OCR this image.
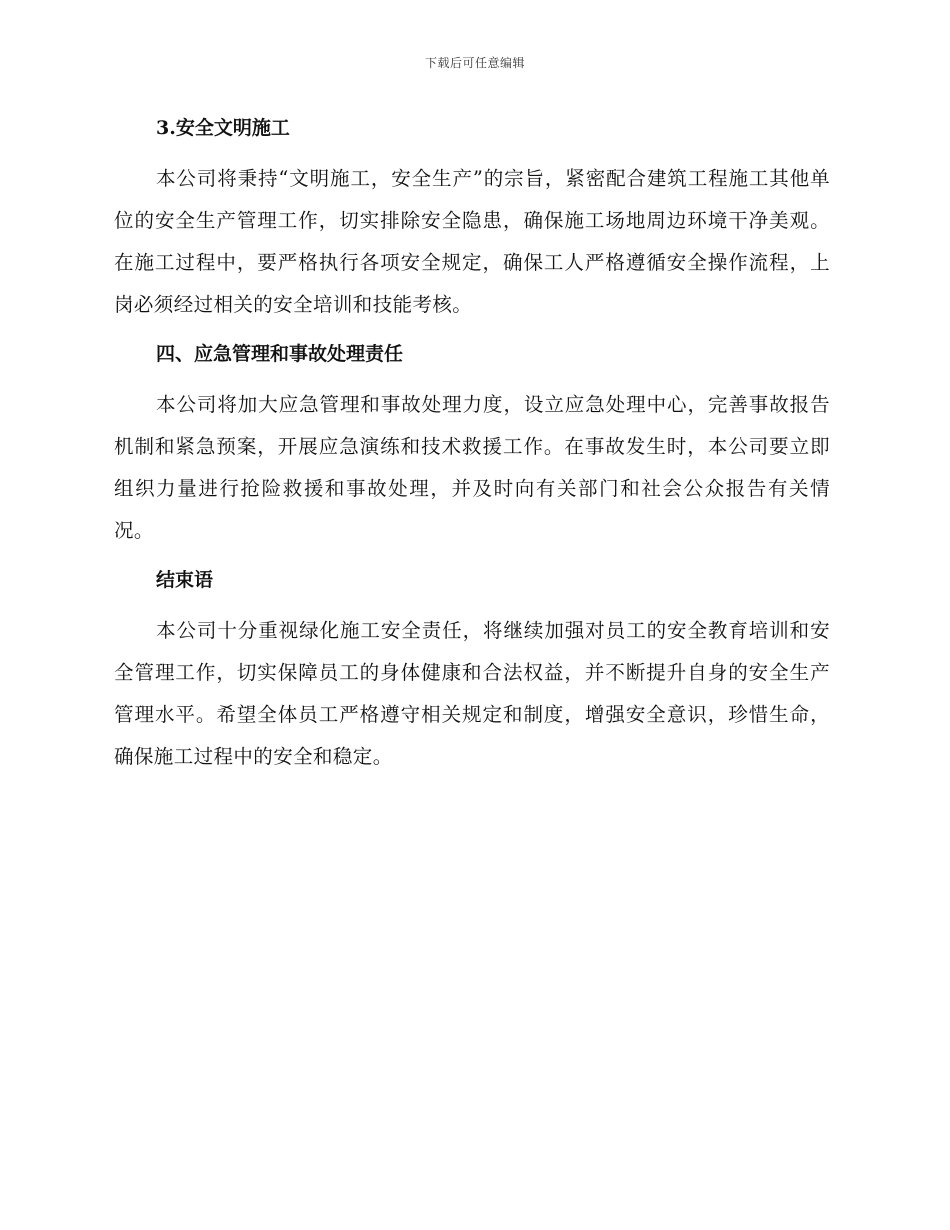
下载后可任意编辑
3.安全文明施工

本公司将秉持“文明施工，安全生产”的宗旨，紧密配合建筑工程施工其他单位的安全生产管理工作，切实排除安全隐患，确保施工场地周边环境干净美观。在施工过程中，要严格执行各项安全规定，确保工人严格遵循安全操作流程，上岗必须经过相关的安全培训和技能考核。

四、应急管理和事故处理责任

本公司将加大应急管理和事故处理力度，设立应急处理中心，完善事故报告机制和紧急预案，开展应急演练和技术救援工作。在事故发生时，本公司要立即组织力量进行抢险救援和事故处理，并及时向有关部门和社会公众报告有关情况。

结束语

本公司十分重视绿化施工安全责任，将继续加强对员工的安全教育培训和安全管理工作，切实保障员工的身体健康和合法权益，并不断提升自身的安全生产管理水平。希望全体员工严格遵守相关规定和制度，增强安全意识，珍惜生命，确保施工过程中的安全和稳定。
